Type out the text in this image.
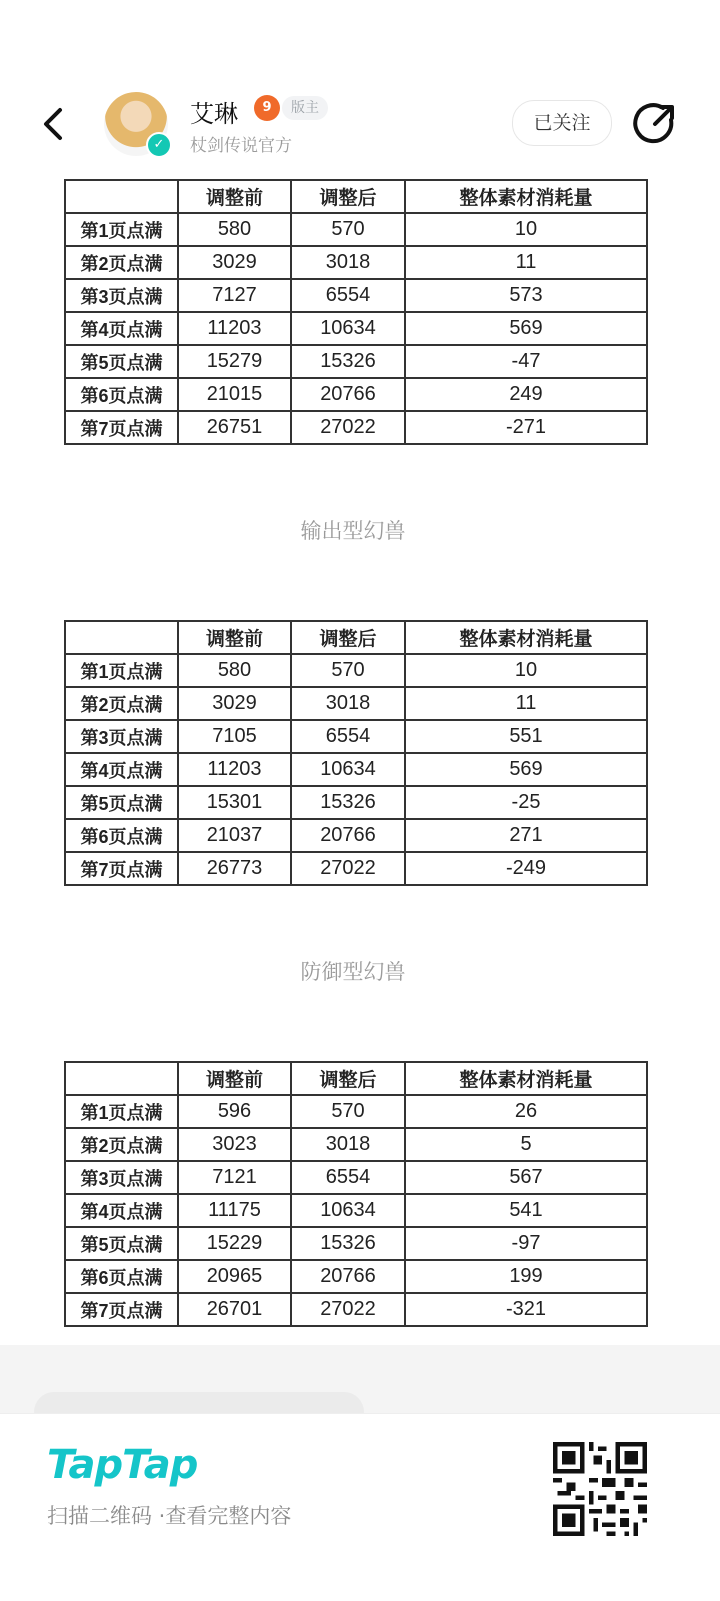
✓
艾琳	9	版主
杖剑传说官方
已关注
	调整前	调整后	整体素材消耗量
第1页点满	580	570	10
第2页点满	3029	3018	11
第3页点满	7127	6554	573
第4页点满	11203	10634	569
第5页点满	15279	15326	-47
第6页点满	21015	20766	249
第7页点满	26751	27022	-271
输出型幻兽
	调整前	调整后	整体素材消耗量
第1页点满	580	570	10
第2页点满	3029	3018	11
第3页点满	7105	6554	551
第4页点满	11203	10634	569
第5页点满	15301	15326	-25
第6页点满	21037	20766	271
第7页点满	26773	27022	-249
防御型幻兽
	调整前	调整后	整体素材消耗量
第1页点满	596	570	26
第2页点满	3023	3018	5
第3页点满	7121	6554	567
第4页点满	11175	10634	541
第5页点满	15229	15326	-97
第6页点满	20965	20766	199
第7页点满	26701	27022	-321
TapTap
扫描二维码 ·查看完整内容
